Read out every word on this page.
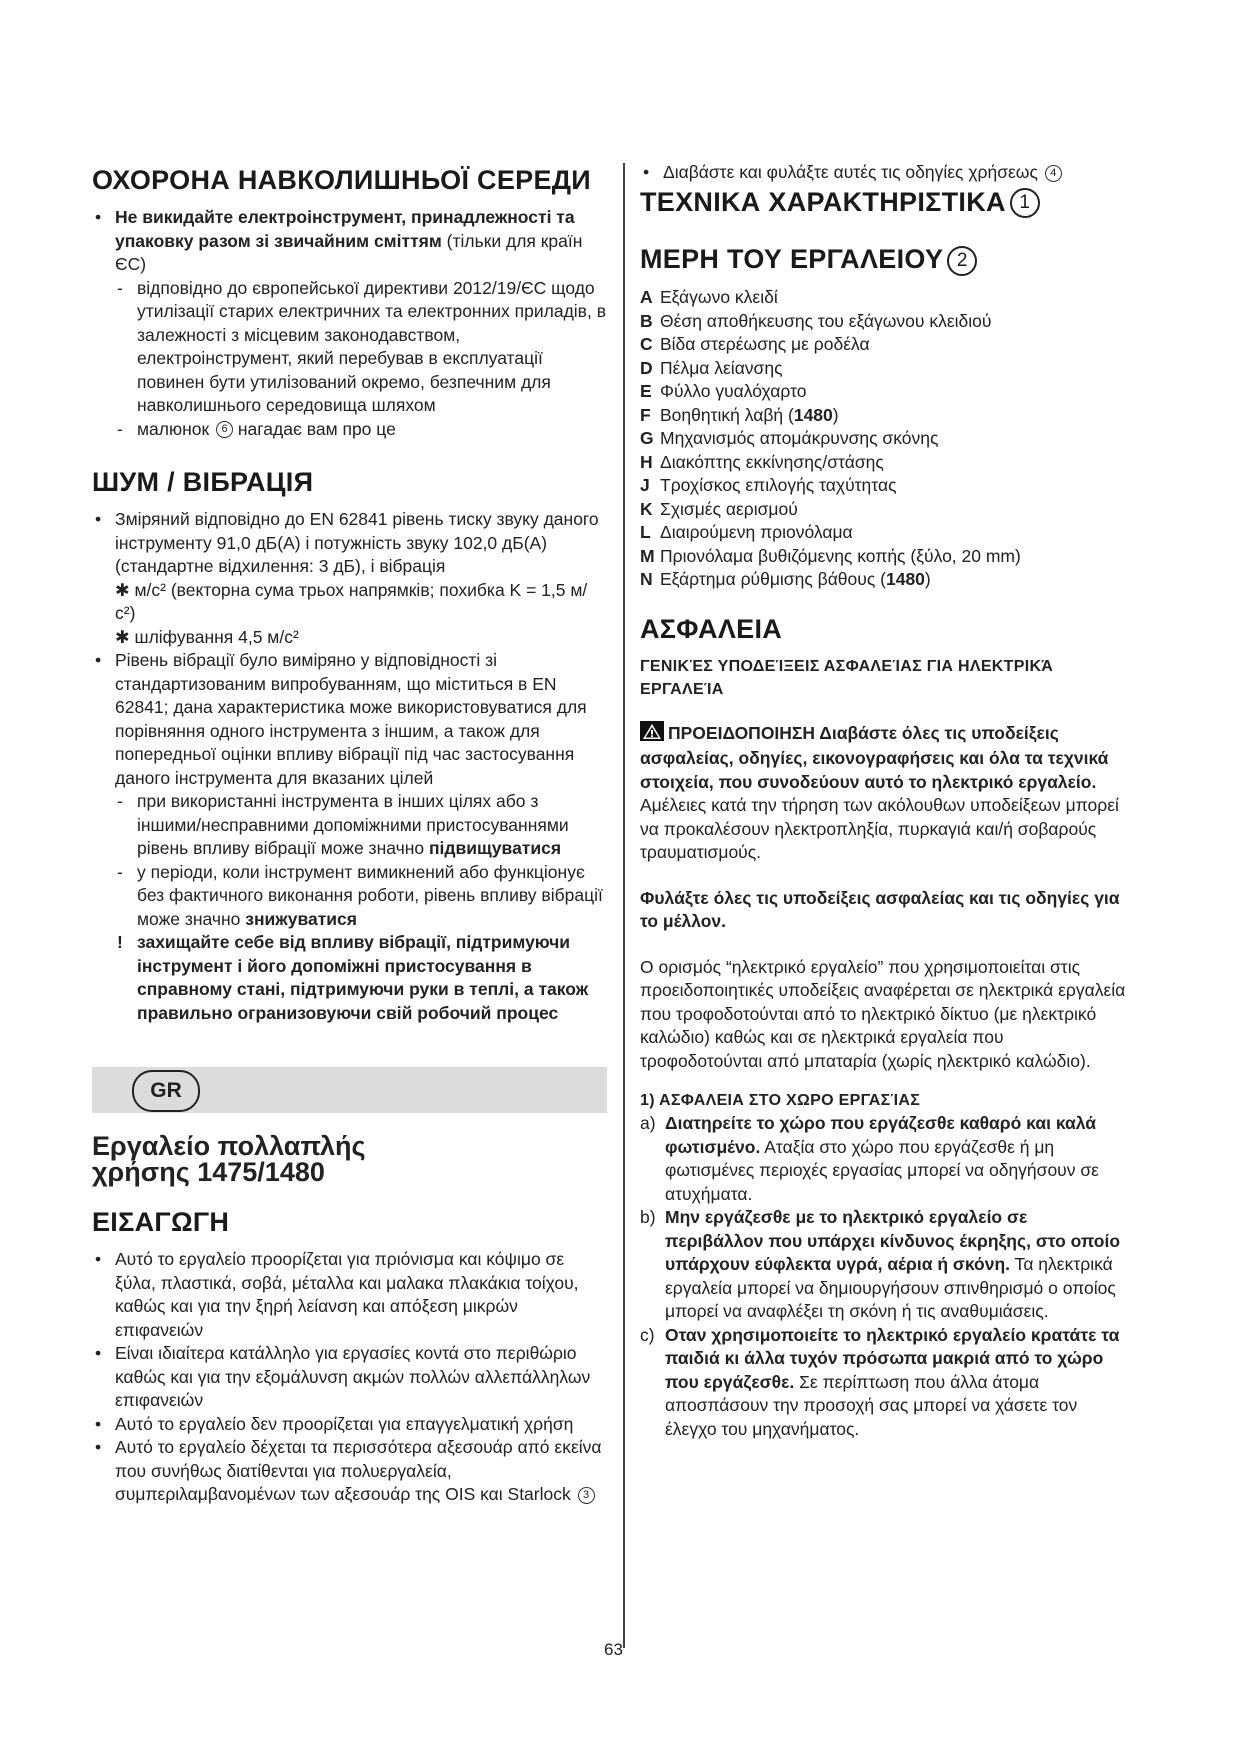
ОХОРОНА НАВКОЛИШНЬОЇ СЕРЕДИ
• Не викидайте електроінструмент, принадлежності та упаковку разом зі звичайним сміттям (тільки для країн ЄС)
- відповідно до європейської директиви 2012/19/ЄС щодо утилізації старих електричних та електронних приладів, в залежності з місцевим законодавством, електроінструмент, який перебував в експлуатації повинен бути утилізований окремо, безпечним для навколишнього середовища шляхом
- малюнок 6 нагадає вам про це
ШУМ / ВІБРАЦІЯ
• Зміряний відповідно до EN 62841 рівень тиску звуку даного інструменту 91,0 дБ(A) і потужність звуку 102,0 дБ(A) (стандартне відхилення: 3 дБ), і вібрація
✱ м/с² (векторна сума трьох напрямків; похибка K = 1,5 м/с²)
✱ шліфування 4,5 м/с²
• Рівень вібрації було виміряно у відповідності зі стандартизованим випробуванням, що міститься в EN 62841; дана характеристика може використовуватися для порівняння одного інструмента з іншим, а також для попередньої оцінки впливу вібрації під час застосування даного інструмента для вказаних цілей
- при використанні інструмента в інших цілях або з іншими/несправними допоміжними пристосуваннями рівень впливу вібрації може значно підвищуватися
- у періоди, коли інструмент вимикнений або функціонує без фактичного виконання роботи, рівень впливу вібрації може значно знижуватися
! захищайте себе від впливу вібрації, підтримуючи інструмент і його допоміжні пристосування в справному стані, підтримуючи руки в теплі, а також правильно огранизовуючи свій робочий процес
GR
Εργαλείο πολλαπλής
χρήσης 1475/1480
ΕΙΣΑΓΩΓΗ
• Αυτό το εργαλείο προορίζεται για πριόνισμα και κόψιμο σε ξύλα, πλαστικά, σοβά, μέταλλα και μαλακα πλακάκια τοίχου, καθώς και για την ξηρή λείανση και απόξεση μικρών επιφανειών
• Είναι ιδιαίτερα κατάλληλο για εργασίες κοντά στο περιθώριο καθώς και για την εξομάλυνση ακμών πολλών αλλεπάλληλων επιφανειών
• Αυτό το εργαλείο δεν προορίζεται για επαγγελματική χρήση
• Αυτό το εργαλείο δέχεται τα περισσότερα αξεσουάρ από εκείνα που συνήθως διατίθενται για πολυεργαλεία, συμπεριλαμβανομένων των αξεσουάρ της OIS και Starlock 3
• Διαβάστε και φυλάξτε αυτές τις οδηγίες χρήσεως 4
ΤΕΧΝΙΚΑ ΧΑΡΑΚΤΗΡΙΣΤΙΚΑ 1
ΜΕΡΗ ΤΟΥ ΕΡΓΑΛΕΙΟΥ 2
A Εξάγωνο κλειδί
B Θέση αποθήκευσης του εξάγωνου κλειδιού
C Βίδα στερέωσης με ροδέλα
D Πέλμα λείανσης
E Φύλλο γυαλόχαρτο
F Βοηθητική λαβή (1480)
G Μηχανισμός απομάκρυνσης σκόνης
H Διακόπτης εκκίνησης/στάσης
J Τροχίσκος επιλογής ταχύτητας
K Σχισμές αερισμού
L Διαιρούμενη πριονόλαμα
M Πριονόλαμα βυθιζόμενης κοπής (ξύλο, 20 mm)
N Εξάρτημα ρύθμισης βάθους (1480)
ΑΣΦΑΛΕΙΑ
ΓΕΝΙΚΈΣ ΥΠΟΔΕΊΞΕΙΣ ΑΣΦΑΛΕΊΑΣ ΓΙΑ ΗΛΕΚΤΡΙΚΆ ΕΡΓΑΛΕΊΑ
ΠΡΟΕΙΔΟΠΟΙΗΣΗ Διαβάστε όλες τις υποδείξεις ασφαλείας, οδηγίες, εικονογραφήσεις και όλα τα τεχνικά στοιχεία, που συνοδεύουν αυτό το ηλεκτρικό εργαλείο. Αμέλειες κατά την τήρηση των ακόλουθων υποδείξεων μπορεί να προκαλέσουν ηλεκτροπληξία, πυρκαγιά και/ή σοβαρούς τραυματισμούς.
Φυλάξτε όλες τις υποδείξεις ασφαλείας και τις οδηγίες για το μέλλον.
Ο ορισμός “ηλεκτρικό εργαλείο” που χρησιμοποιείται στις προειδοποιητικές υποδείξεις αναφέρεται σε ηλεκτρικά εργαλεία που τροφοδοτούνται από το ηλεκτρικό δίκτυο (με ηλεκτρικό καλώδιο) καθώς και σε ηλεκτρικά εργαλεία που τροφοδοτούνται από μπαταρία (χωρίς ηλεκτρικό καλώδιο).
1) ΑΣΦΑΛΕΙΑ ΣΤΟ ΧΩΡΟ ΕΡΓΑΣΊΑΣ
a) Διατηρείτε το χώρο που εργάζεσθε καθαρό και καλά φωτισμένο. Αταξία στο χώρο που εργάζεσθε ή μη φωτισμένες περιοχές εργασίας μπορεί να οδηγήσουν σε ατυχήματα.
b) Μην εργάζεσθε με το ηλεκτρικό εργαλείο σε περιβάλλον που υπάρχει κίνδυνος έκρηξης, στο οποίο υπάρχουν εύφλεκτα υγρά, αέρια ή σκόνη. Τα ηλεκτρικά εργαλεία μπορεί να δημιουργήσουν σπινθηρισμό ο οποίος μπορεί να αναφλέξει τη σκόνη ή τις αναθυμιάσεις.
c) Οταν χρησιμοποιείτε το ηλεκτρικό εργαλείο κρατάτε τα παιδιά κι άλλα τυχόν πρόσωπα μακριά από το χώρο που εργάζεσθε. Σε περίπτωση που άλλα άτομα αποσπάσουν την προσοχή σας μπορεί να χάσετε τον έλεγχο του μηχανήματος.
63
